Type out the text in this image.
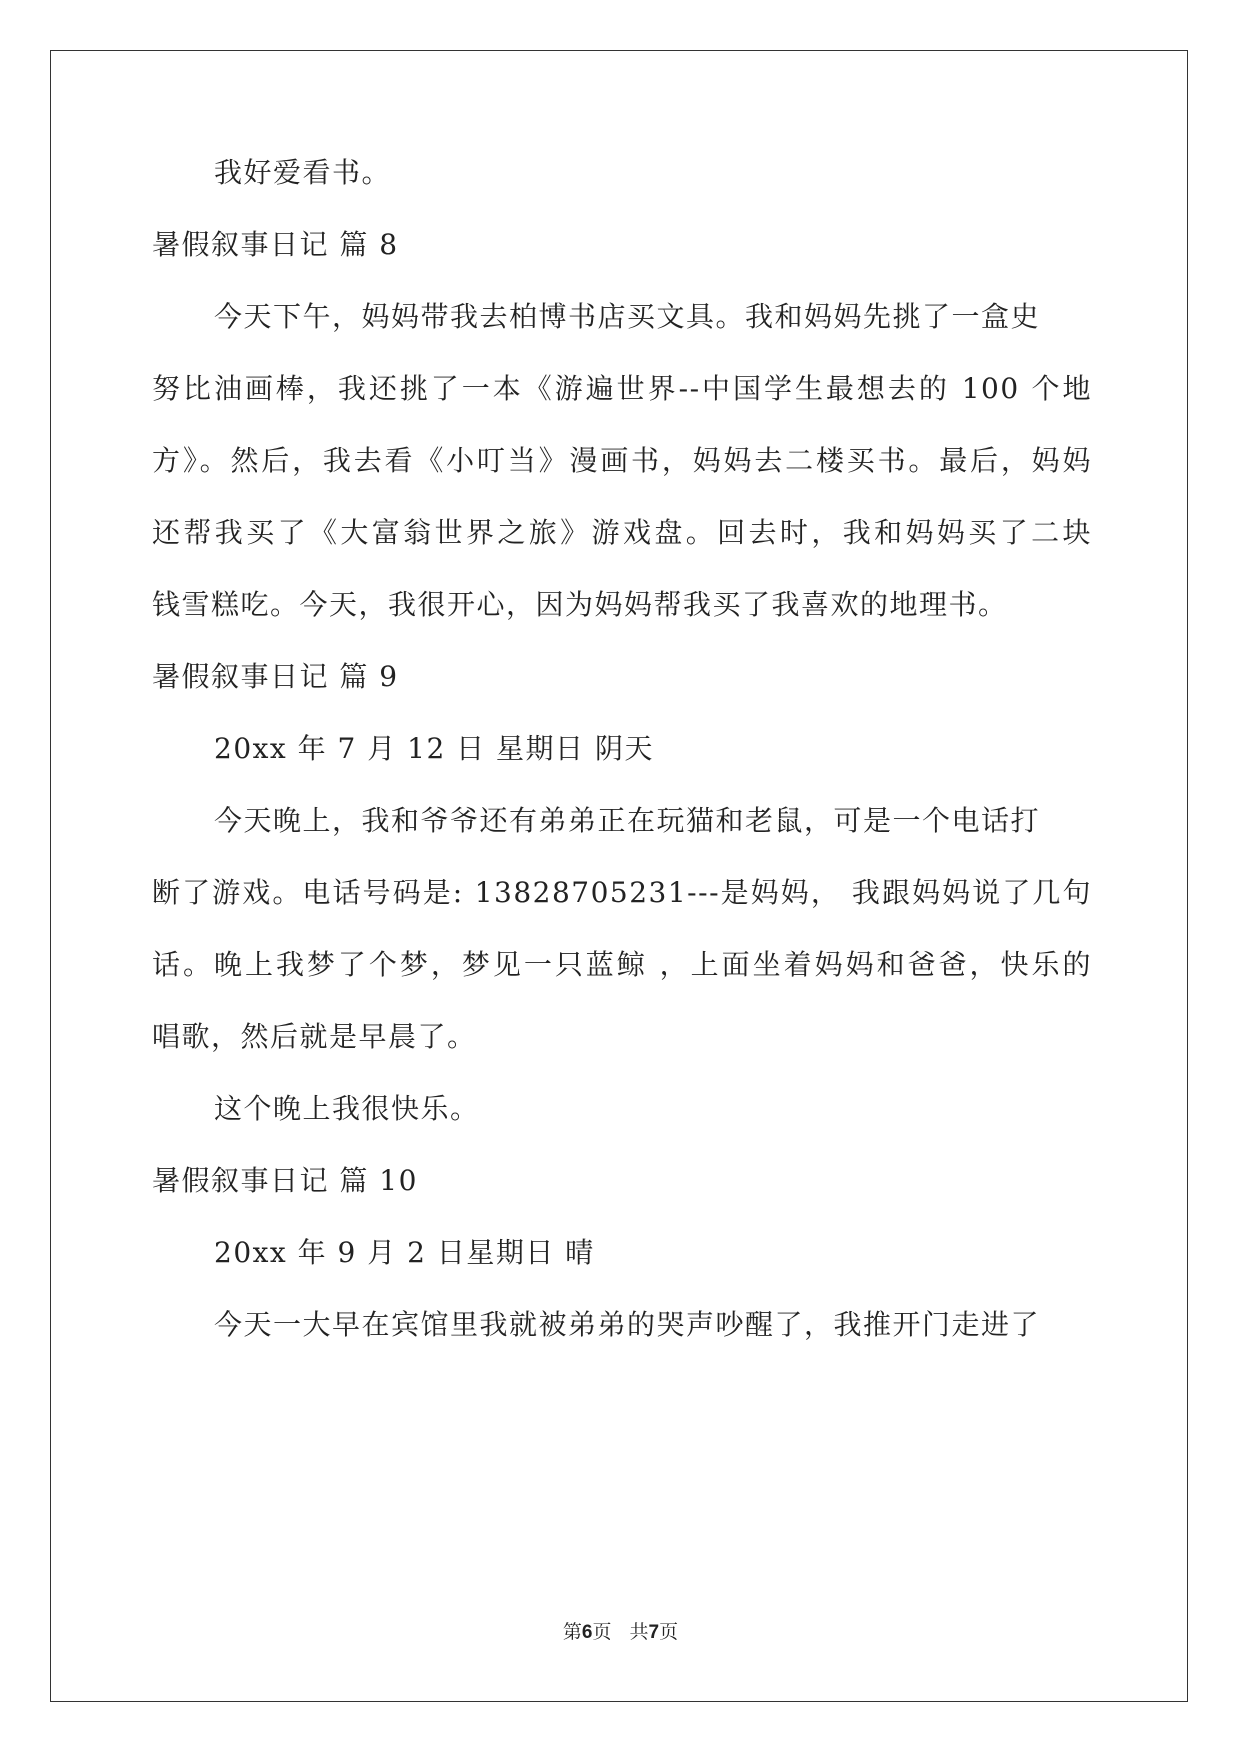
我好爱看书。
暑假叙事日记 篇 8
今天下午，妈妈带我去柏博书店买文具。我和妈妈先挑了一盒史
努比油画棒，我还挑了一本《游遍世界--中国学生最想去的 100 个地
方》。然后，我去看《小叮当》漫画书，妈妈去二楼买书。最后，妈妈
还帮我买了《大富翁世界之旅》游戏盘。回去时，我和妈妈买了二块
钱雪糕吃。今天，我很开心，因为妈妈帮我买了我喜欢的地理书。
暑假叙事日记 篇 9
20xx 年 7 月 12 日 星期日 阴天
今天晚上，我和爷爷还有弟弟正在玩猫和老鼠，可是一个电话打
断了游戏。电话号码是: 13828705231---是妈妈， 我跟妈妈说了几句
话。晚上我梦了个梦，梦见一只蓝鲸 ，上面坐着妈妈和爸爸，快乐的
唱歌，然后就是早晨了。
这个晚上我很快乐。
暑假叙事日记 篇 10
20xx 年 9 月 2 日星期日 晴
今天一大早在宾馆里我就被弟弟的哭声吵醒了，我推开门走进了
第6页 共7页
